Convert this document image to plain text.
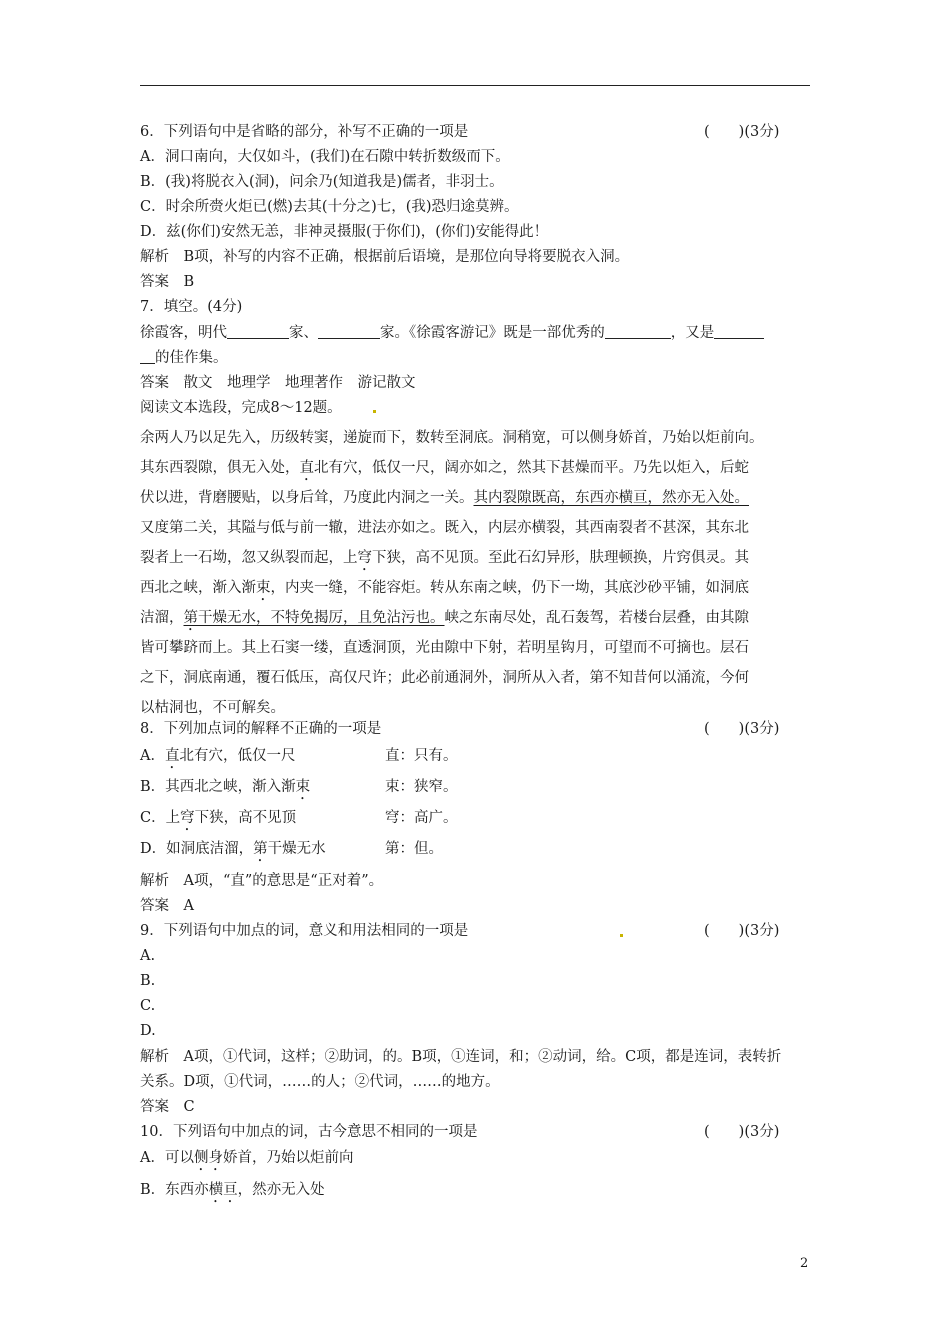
6．下列语句中是省略的部分，补写不正确的一项是	(　　)(3分)
A．洞口南向，大仅如斗，(我们)在石隙中转折数级而下。
B．(我)将脱衣入(洞)，问余乃(知道我是)儒者，非羽士。
C．时余所赍火炬已(燃)去其(十分之)七，(我)恐归途莫辨。
D．兹(你们)安然无恙，非神灵摄服(于你们)，(你们)安能得此！
解析　B项，补写的内容不正确，根据前后语境，是那位向导将要脱衣入洞。
答案　B
7．填空。(4分)
徐霞客，明代	家、	家。《徐霞客游记》既是一部优秀的	，又是
的佳作集。
答案　散文　地理学　地理著作　游记散文
阅读文本选段，完成8～12题。
余两人乃以足先入，历级转窦，递旋而下，数转至洞底。洞稍宽，可以侧身娇首，乃始以炬前向。
其东西裂隙，俱无入处，直北有穴，低仅一尺，阔亦如之，然其下甚燥而平。乃先以炬入，后蛇
伏以进，背磨腰贴，以身后耸，乃度此内洞之一关。其内裂隙既高，东西亦横亘，然亦无入处。
又度第二关，其隘与低与前一辙，进法亦如之。既入，内层亦横裂，其西南裂者不甚深，其东北
裂者上一石坳，忽又纵裂而起，上穹下狭，高不见顶。至此石幻异形，肤理顿换，片窍俱灵。其
西北之峡，渐入渐束，内夹一缝，不能容炬。转从东南之峡，仍下一坳，其底沙砂平铺，如洞底
洁溜，第干燥无水，不特免揭厉，且免沾污也。峡之东南尽处，乱石轰驾，若楼台层叠，由其隙
皆可攀跻而上。其上石窦一缕，直透洞顶，光由隙中下射，若明星钩月，可望而不可摘也。层石
之下，洞底南通，覆石低压，高仅尺许；此必前通洞外，洞所从入者，第不知昔何以涌流，今何
以枯洞也，不可解矣。
8．下列加点词的解释不正确的一项是	(　　)(3分)
A．直北有穴，低仅一尺	直：只有。
B．其西北之峡，渐入渐束	束：狭窄。
C．上穹下狭，高不见顶	穹：高广。
D．如洞底洁溜，第干燥无水	第：但。
解析　A项，“直”的意思是“正对着”。
答案　A
9．下列语句中加点的词，意义和用法相同的一项是	(　　)(3分)
A.
B.
C.
D.
解析　A项，①代词，这样；②助词，的。B项，①连词，和；②动词，给。C项，都是连词，表转折
关系。D项，①代词，……的人；②代词，……的地方。
答案　C
10．下列语句中加点的词，古今意思不相同的一项是	(　　)(3分)
A．可以侧身娇首，乃始以炬前向
B．东西亦横亘，然亦无入处
2
